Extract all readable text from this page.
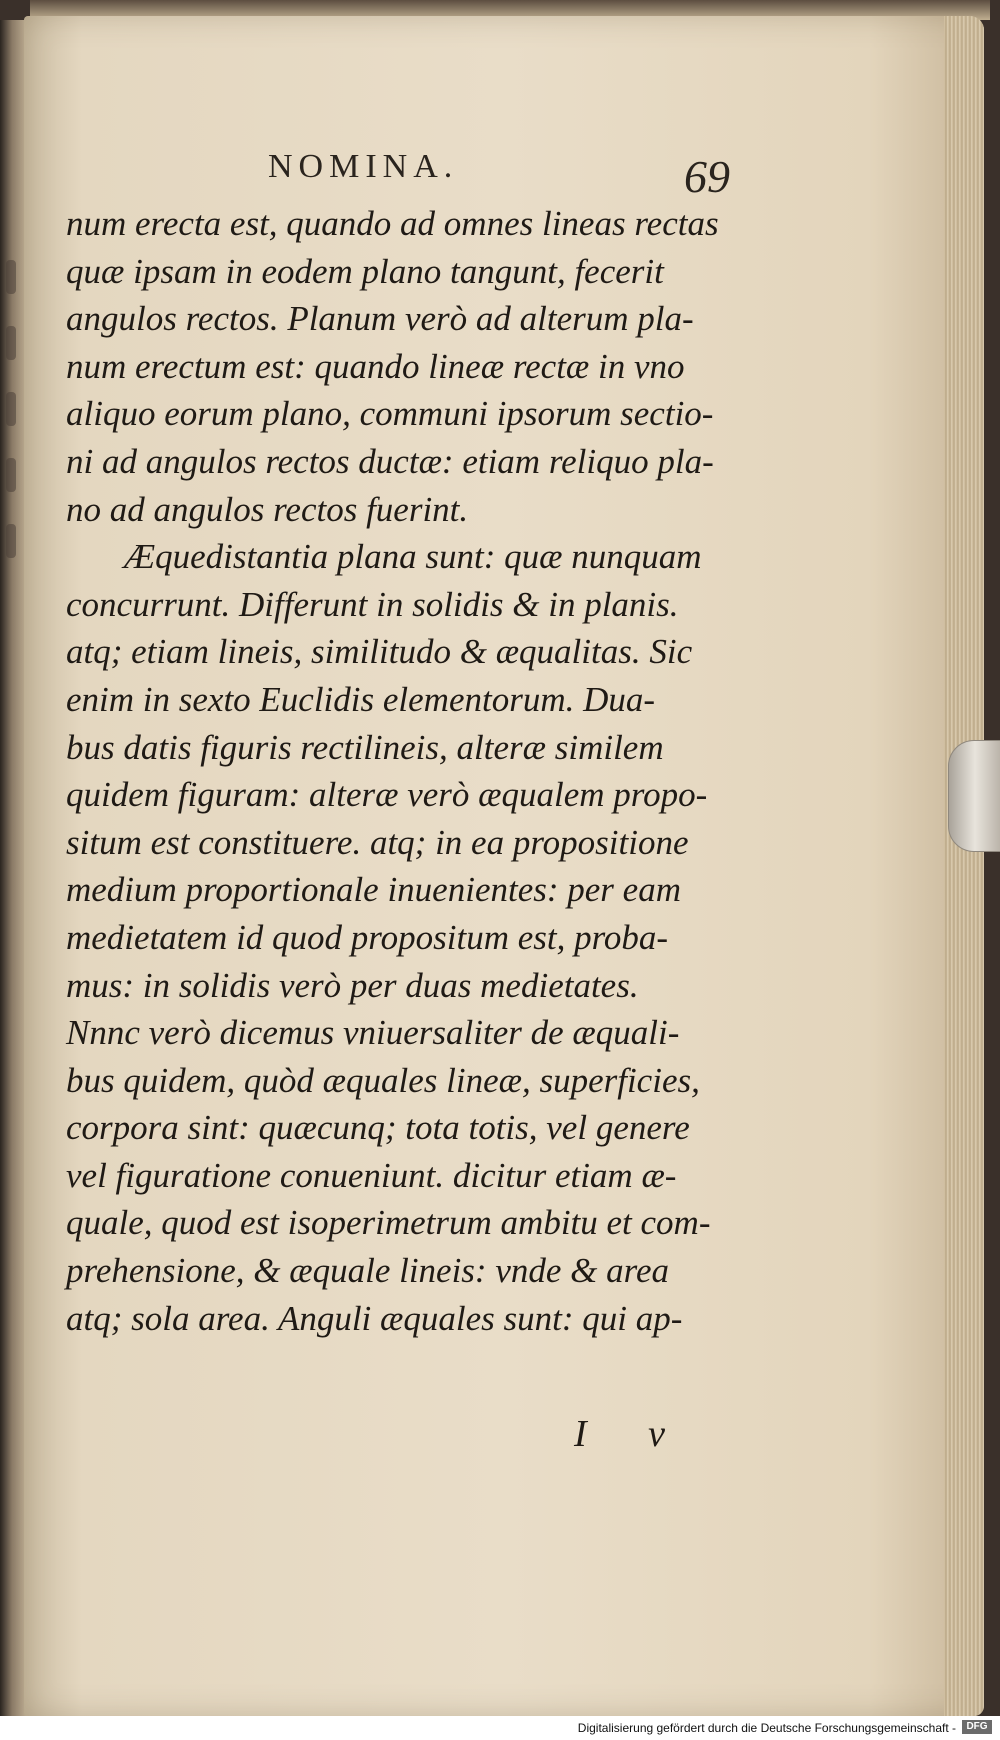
NOMINA.	69
num erecta est, quando ad omnes lineas rectas
quæ ipsam in eodem plano tangunt, fecerit
angulos rectos. Planum verò ad alterum pla-
num erectum est: quando lineæ rectæ in vno
aliquo eorum plano, communi ipsorum sectio-
ni ad angulos rectos ductæ: etiam reliquo pla-
no ad angulos rectos fuerint.
Æquedistantia plana sunt: quæ nunquam
concurrunt. Differunt in solidis & in planis.
atq; etiam lineis, similitudo & æqualitas. Sic
enim in sexto Euclidis elementorum. Dua-
bus datis figuris rectilineis, alteræ similem
quidem figuram: alteræ verò æqualem propo-
situm est constituere. atq; in ea propositione
medium proportionale inuenientes: per eam
medietatem id quod propositum est, proba-
mus: in solidis verò per duas medietates.
Nnnc verò dicemus vniuersaliter de æquali-
bus quidem, quòd æquales lineæ, superficies,
corpora sint: quæcunq; tota totis, vel genere
vel figuratione conueniunt. dicitur etiam æ-
quale, quod est isoperimetrum ambitu et com-
prehensione, & æquale lineis: vnde & area
atq; sola area. Anguli æquales sunt: qui ap-
I v
Digitalisierung gefördert durch die Deutsche Forschungsgemeinschaft -	DFG
